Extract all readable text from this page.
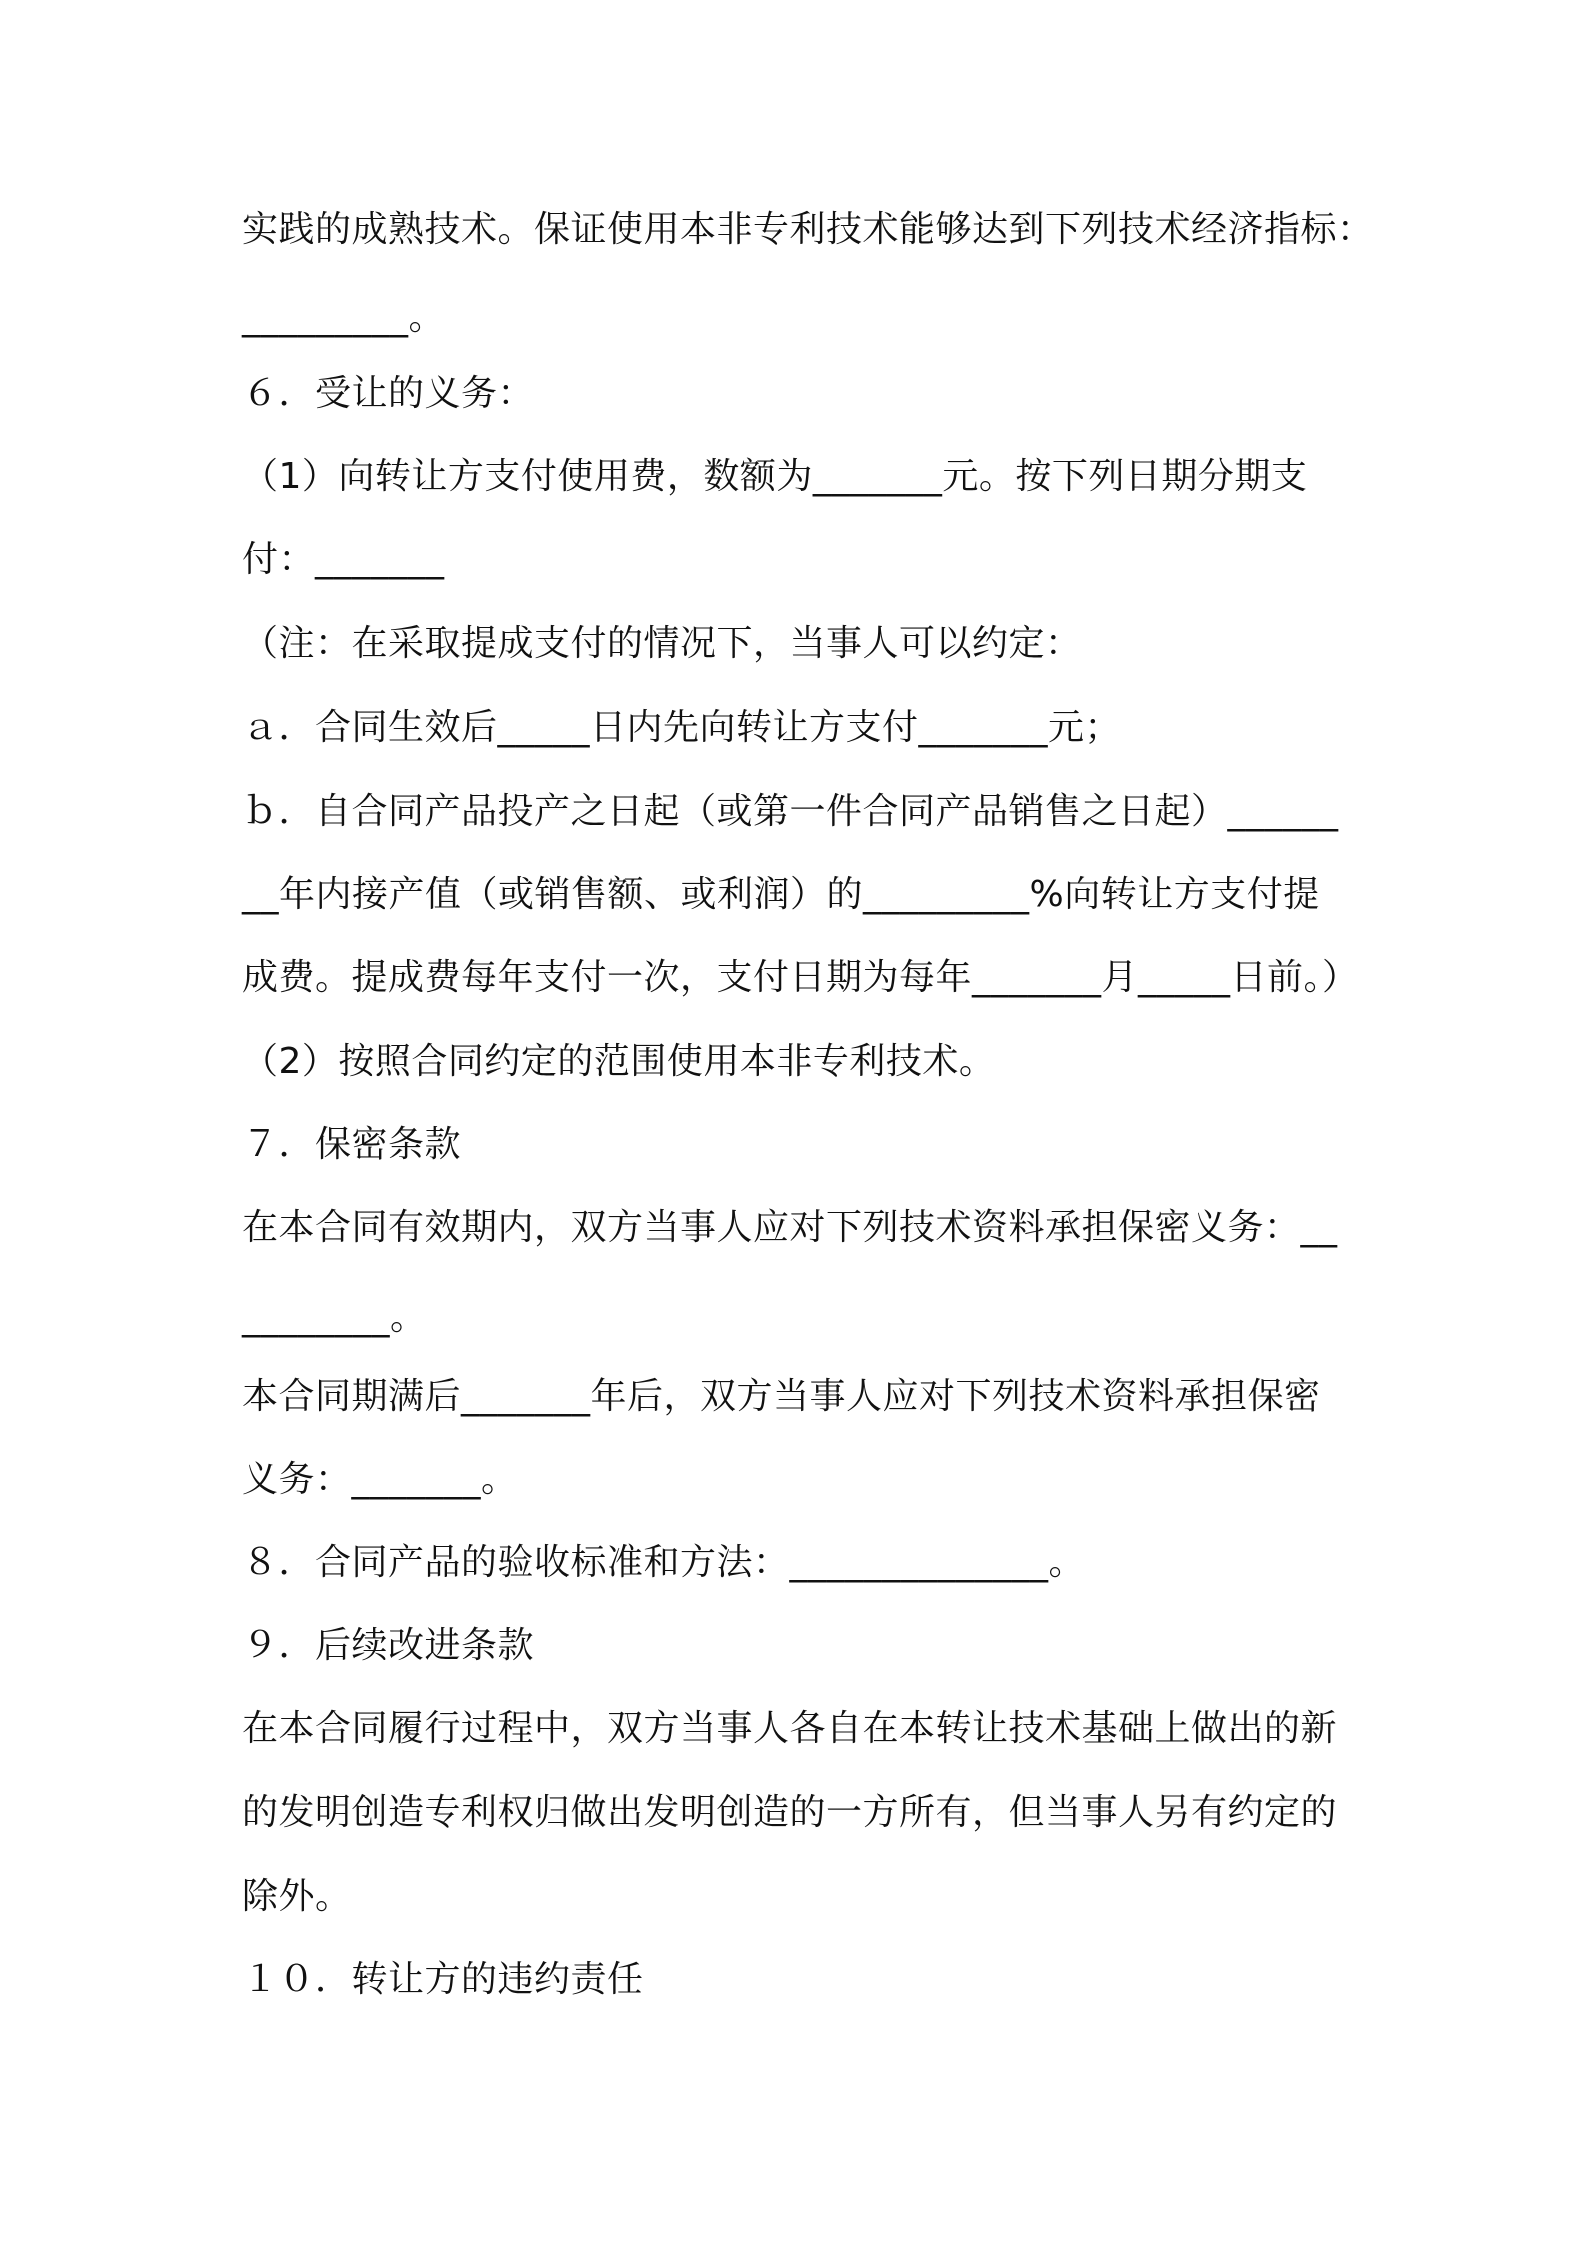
实践的成熟技术。保证使用本非专利技术能够达到下列技术经济指标：
_________。
６．受让的义务：
（1）向转让方支付使用费，数额为_______元。按下列日期分期支
付：_______
（注：在采取提成支付的情况下，当事人可以约定：
ａ．合同生效后_____日内先向转让方支付_______元；
ｂ．自合同产品投产之日起（或第一件合同产品销售之日起）______
__年内接产值（或销售额、或利润）的_________%向转让方支付提
成费。提成费每年支付一次，支付日期为每年_______月_____日前。）
（2）按照合同约定的范围使用本非专利技术。
７．保密条款
在本合同有效期内，双方当事人应对下列技术资料承担保密义务：__
________。
本合同期满后_______年后，双方当事人应对下列技术资料承担保密
义务：_______。
８．合同产品的验收标准和方法：______________。
９．后续改进条款
在本合同履行过程中，双方当事人各自在本转让技术基础上做出的新
的发明创造专利权归做出发明创造的一方所有，但当事人另有约定的
除外。
１０．转让方的违约责任
